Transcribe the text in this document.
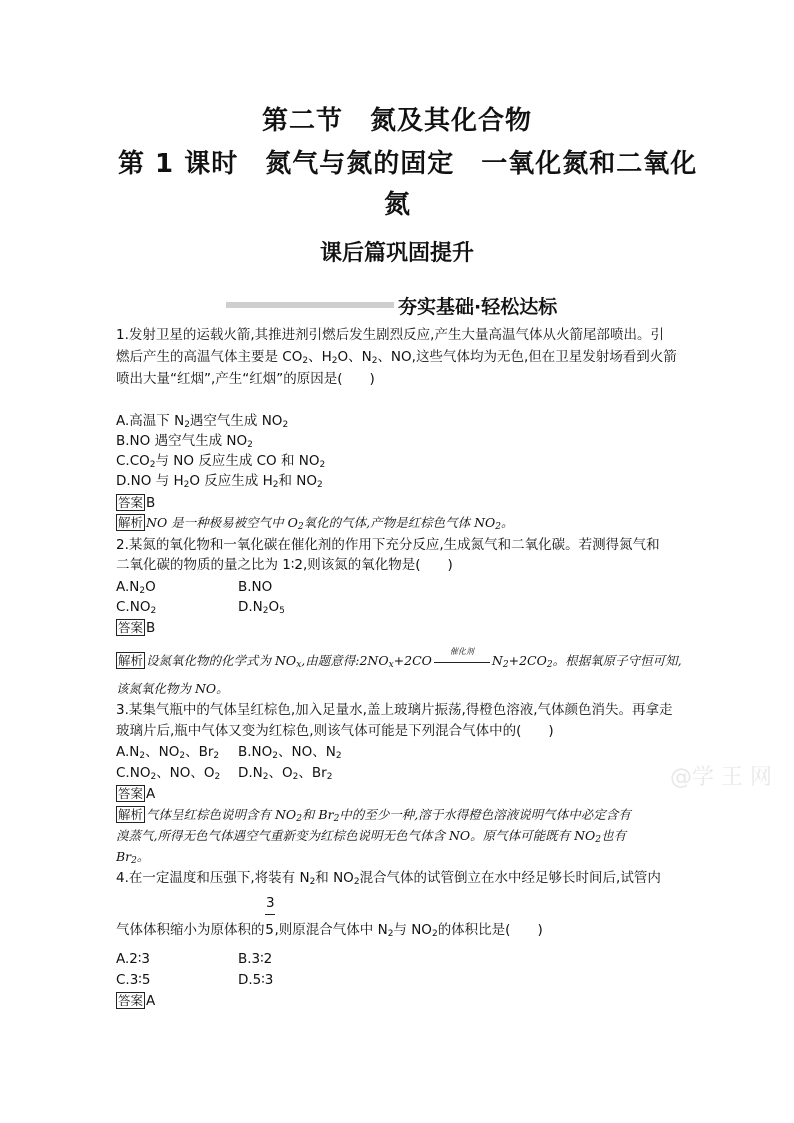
第二节　氮及其化合物
第 1 课时　氮气与氮的固定　一氧化氮和二氧化
氮
课后篇巩固提升
夯实基础·轻松达标
1.发射卫星的运载火箭,其推进剂引燃后发生剧烈反应,产生大量高温气体从火箭尾部喷出。引
燃后产生的高温气体主要是 $CO_2$、$H_2O$、$N_2$、NO,这些气体均为无色,但在卫星发射场看到火箭
喷出大量“红烟”,产生“红烟”的原因是(　　)
A.高温下 $N_2$遇空气生成 $NO_2$
B.NO 遇空气生成 $NO_2$
$C.CO_2$与 NO 反应生成 CO 和 $NO_2$
D.NO 与 $H_2O$ 反应生成 $H_2$和 $NO_2$
答案 B
解析 NO 是一种极易被空气中 $O_2$氧化的气体,产物是红棕色气体 $NO_2$。
2.某氮的氧化物和一氧化碳在催化剂的作用下充分反应,生成氮气和二氧化碳。若测得氮气和
二氧化碳的物质的量之比为 1∶2,则该氮的氧化物是(　　)
$A.N_2O$	B.NO
$C.NO_2$	$D.N_2O_5$
答案 B
解析 设氮氧化物的化学式为 $NO_x$,由题意得$:2NO_x+2CO$
催化剂
$N_2+2CO_2$。根据氧原子守恒可知,
该氮氧化物为 NO。
3.某集气瓶中的气体呈红棕色,加入足量水,盖上玻璃片振荡,得橙色溶液,气体颜色消失。再拿走
玻璃片后,瓶中气体又变为红棕色,则该气体可能是下列混合气体中的(　　)
$A.N_2$、$NO_2$、$Br_2$ $B.NO_2$、NO、$N_2$
$C.NO_2$、NO、$O_2$ $D.N_2$、$O_2$、$Br_2$
答案 A
解析 气体呈红棕色说明含有 $NO_2$和 $Br_2$中的至少一种,溶于水得橙色溶液说明气体中必定含有
溴蒸气,所得无色气体遇空气重新变为红棕色说明无色气体含 NO。原气体可能既有 $NO_2$也有
$Br_2$。
4.在一定温度和压强下,将装有 $N_2$和 $NO_2$混合气体的试管倒立在水中经足够长时间后,试管内
3
气体体积缩小为原体积的5,则原混合气体中 $N_2$与 $NO_2$的体积比是(　　)
A.2∶3	B.3∶2
C.3∶5	D.5∶3
答案 A
@学 王 网
